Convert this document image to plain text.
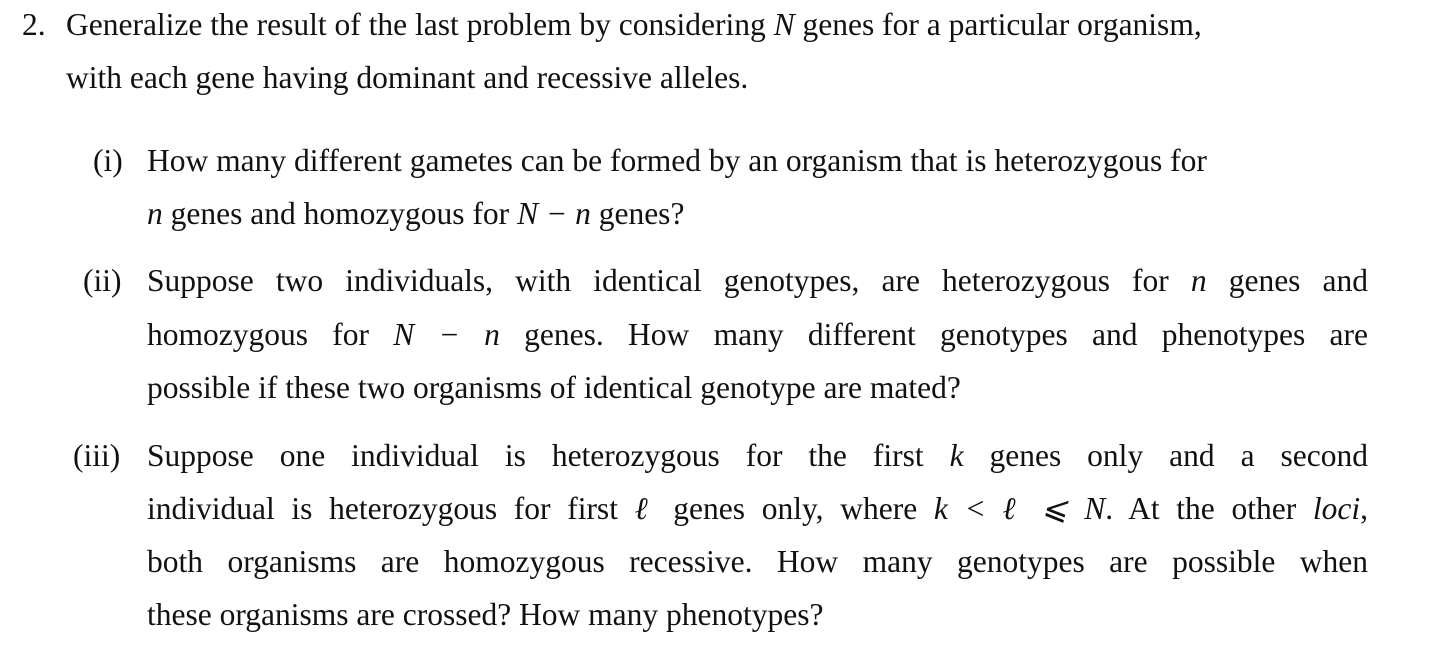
2. Generalize the result of the last problem by considering N genes for a particular organism,
with each gene having dominant and recessive alleles.
(i) How many different gametes can be formed by an organism that is heterozygous for
n genes and homozygous for N − n genes?
(ii) Suppose two individuals, with identical genotypes, are heterozygous for n genes and
homozygous for N − n genes. How many different genotypes and phenotypes are
possible if these two organisms of identical genotype are mated?
(iii) Suppose one individual is heterozygous for the first k genes only and a second
individual is heterozygous for first ℓ genes only, where k < ℓ ⩽ N. At the other loci,
both organisms are homozygous recessive. How many genotypes are possible when
these organisms are crossed? How many phenotypes?
